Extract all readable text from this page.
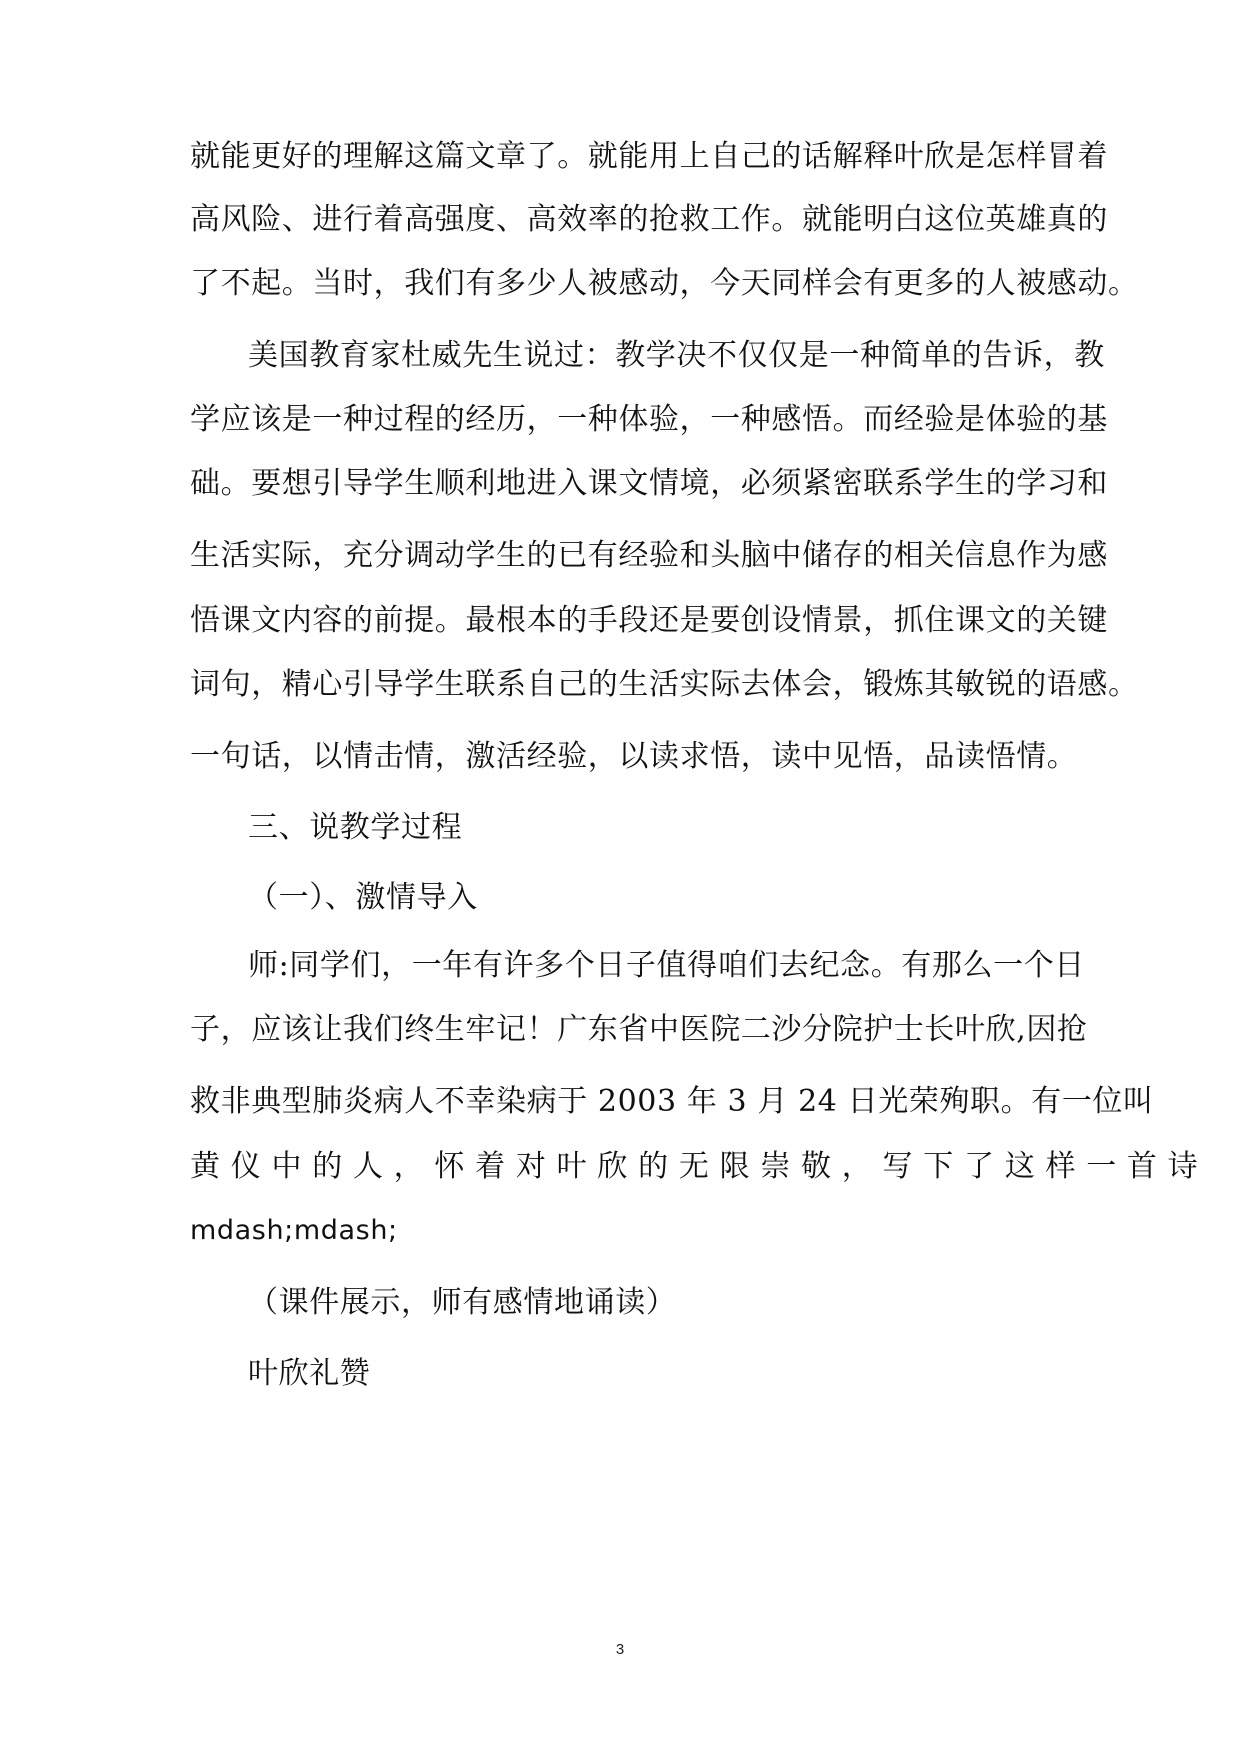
就能更好的理解这篇文章了。就能用上自己的话解释叶欣是怎样冒着
高风险、进行着高强度、高效率的抢救工作。就能明白这位英雄真的
了不起。当时，我们有多少人被感动，今天同样会有更多的人被感动。
美国教育家杜威先生说过：教学决不仅仅是一种简单的告诉，教
学应该是一种过程的经历，一种体验，一种感悟。而经验是体验的基
础。要想引导学生顺利地进入课文情境，必须紧密联系学生的学习和
生活实际，充分调动学生的已有经验和头脑中储存的相关信息作为感
悟课文内容的前提。最根本的手段还是要创设情景，抓住课文的关键
词句，精心引导学生联系自己的生活实际去体会，锻炼其敏锐的语感。
一句话，以情击情，激活经验，以读求悟，读中见悟，品读悟情。
三、说教学过程
（一）、激情导入
师:同学们，一年有许多个日子值得咱们去纪念。有那么一个日
子，应该让我们终生牢记！广东省中医院二沙分院护士长叶欣,因抢
救非典型肺炎病人不幸染病于 2003 年 3 月 24 日光荣殉职。有一位叫
黄 仪 中 的 人 ， 怀 着 对 叶 欣 的 无 限 崇 敬 ， 写 下 了 这 样 一 首 诗
mdash;mdash;
（课件展示，师有感情地诵读）
叶欣礼赞
3
